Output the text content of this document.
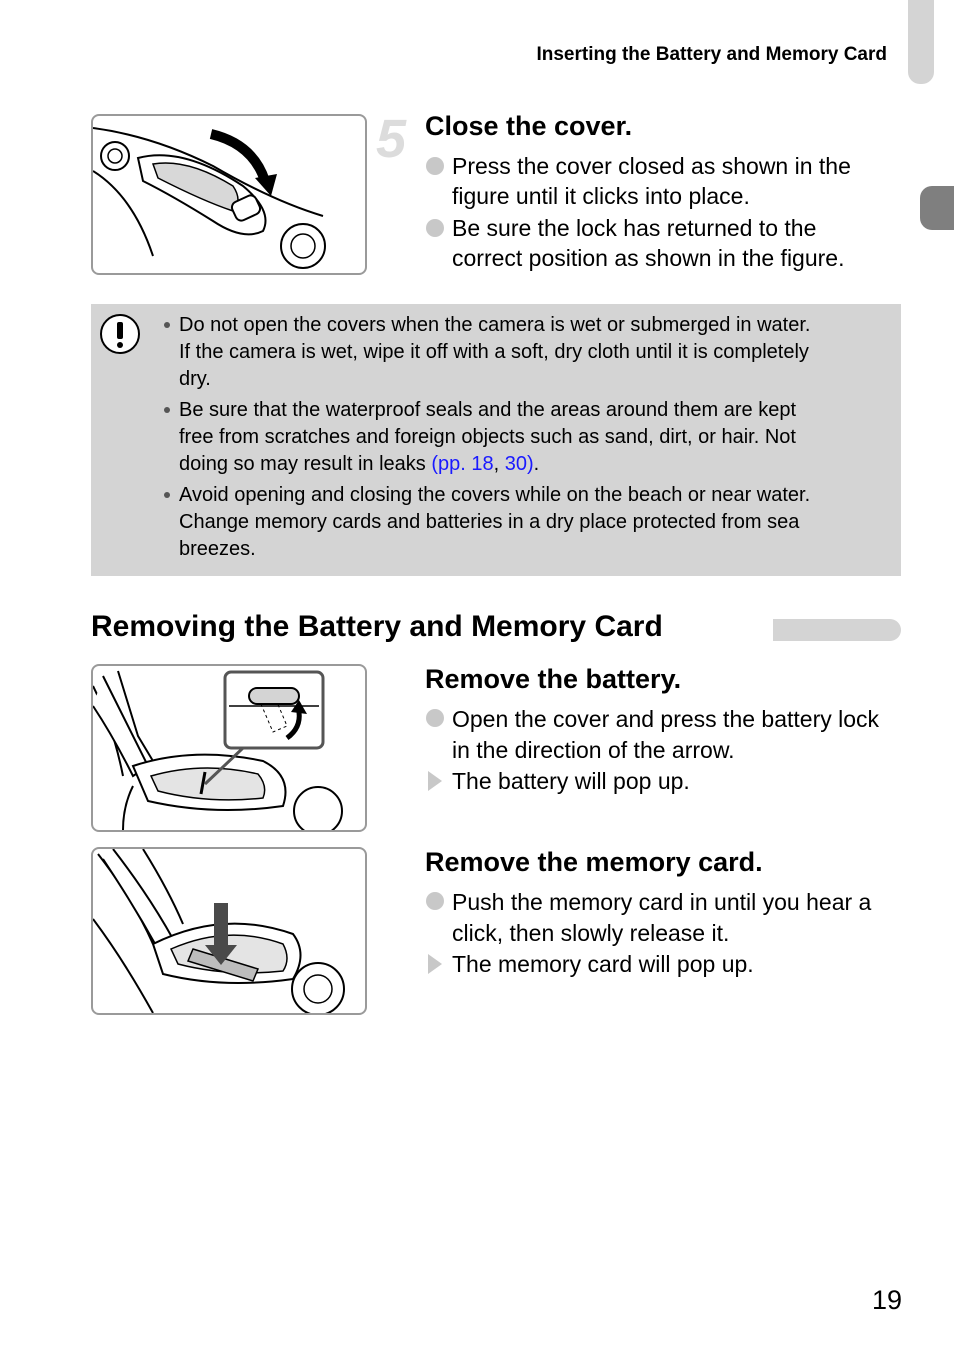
Inserting the Battery and Memory Card
5 Close the cover.
Press the cover closed as shown in the
figure until it clicks into place.
Be sure the lock has returned to the
correct position as shown in the figure.
Do not open the covers when the camera is wet or submerged in water.
If the camera is wet, wipe it off with a soft, dry cloth until it is completely
dry.
Be sure that the waterproof seals and the areas around them are kept
free from scratches and foreign objects such as sand, dirt, or hair. Not
doing so may result in leaks (pp. 18, 30).
Avoid opening and closing the covers while on the beach or near water.
Change memory cards and batteries in a dry place protected from sea
breezes.
Removing the Battery and Memory Card
Remove the battery.
Open the cover and press the battery lock
in the direction of the arrow.
The battery will pop up.
Remove the memory card.
Push the memory card in until you hear a
click, then slowly release it.
The memory card will pop up.
19
